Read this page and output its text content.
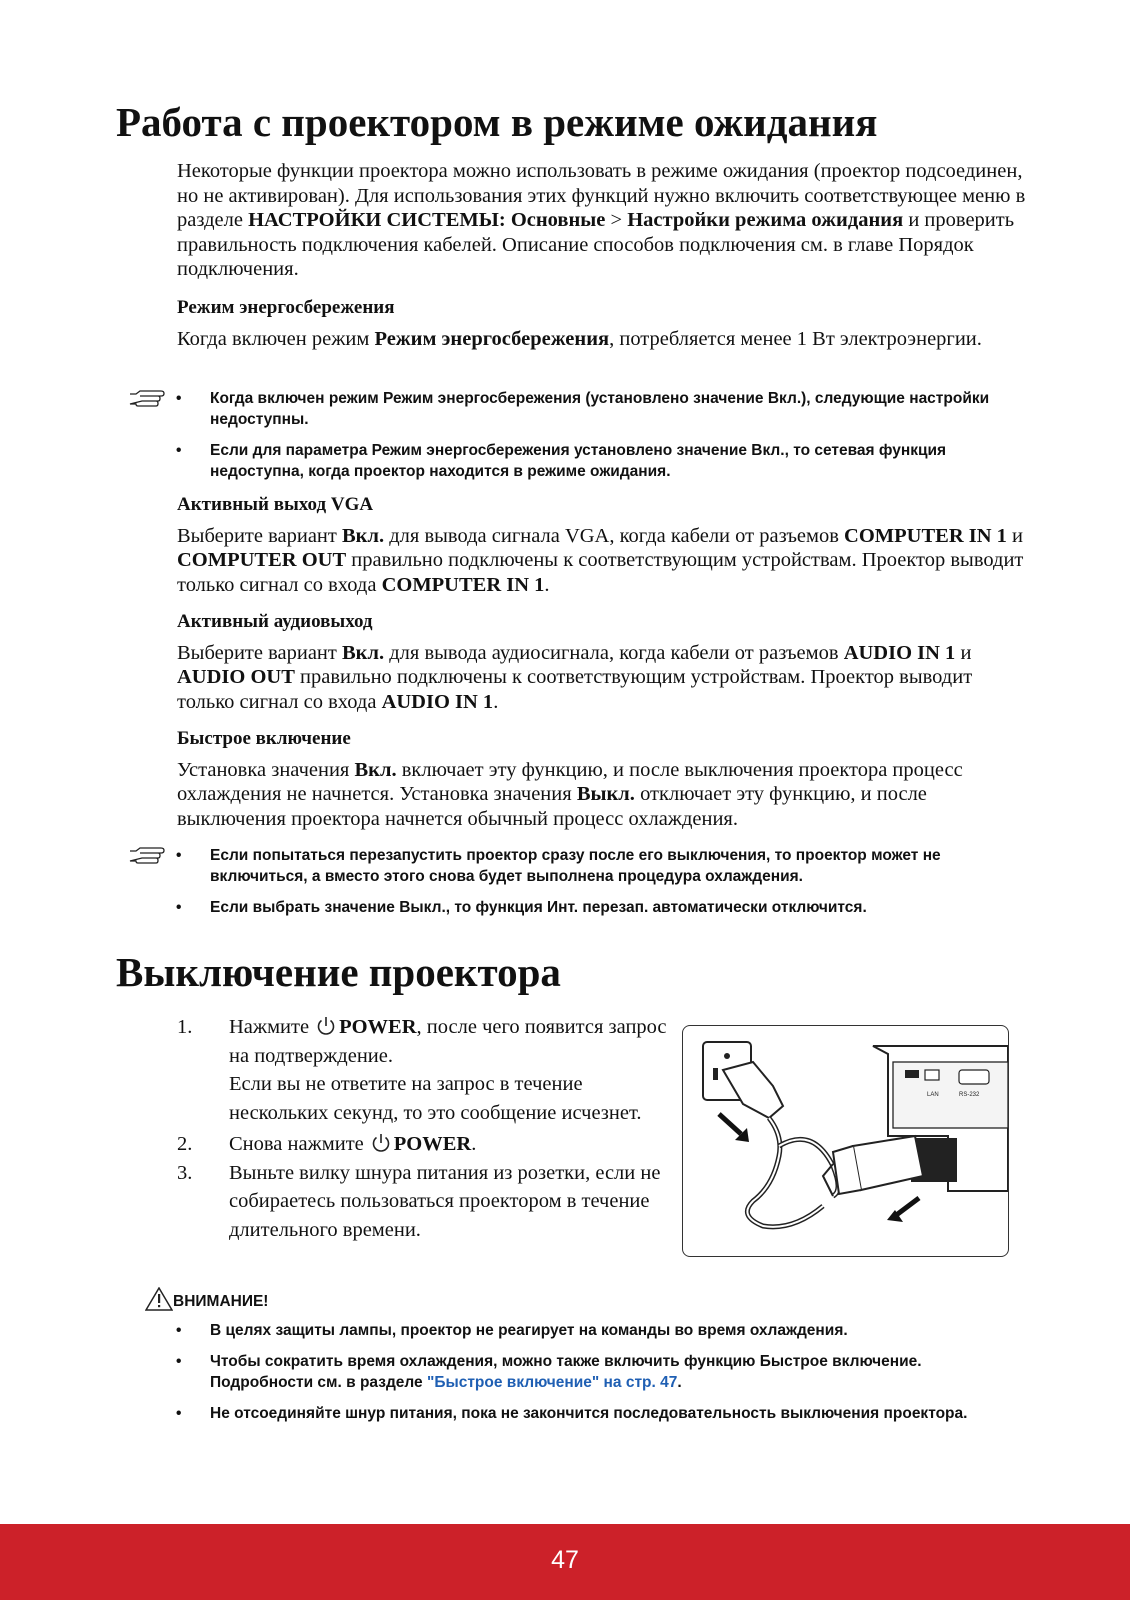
Работа с проектором в режиме ожидания

Некоторые функции проектора можно использовать в режиме ожидания (проектор подсоединен, но не активирован). Для использования этих функций нужно включить соответствующее меню в разделе НАСТРОЙКИ СИСТЕМЫ: Основные > Настройки режима ожидания и проверить правильность подключения кабелей. Описание способов подключения см. в главе Порядок подключения.

Режим энергосбережения

Когда включен режим Режим энергосбережения, потребляется менее 1 Вт электроэнергии.

• Когда включен режим Режим энергосбережения (установлено значение Вкл.), следующие настройки недоступны.
• Если для параметра Режим энергосбережения установлено значение Вкл., то сетевая функция недоступна, когда проектор находится в режиме ожидания.

Активный выход VGA

Выберите вариант Вкл. для вывода сигнала VGA, когда кабели от разъемов COMPUTER IN 1 и COMPUTER OUT правильно подключены к соответствующим устройствам. Проектор выводит только сигнал со входа COMPUTER IN 1.

Активный аудиовыход

Выберите вариант Вкл. для вывода аудиосигнала, когда кабели от разъемов AUDIO IN 1 и AUDIO OUT правильно подключены к соответствующим устройствам. Проектор выводит только сигнал со входа AUDIO IN 1.

Быстрое включение

Установка значения Вкл. включает эту функцию, и после выключения проектора процесс охлаждения не начнется. Установка значения Выкл. отключает эту функцию, и после выключения проектора начнется обычный процесс охлаждения.

• Если попытаться перезапустить проектор сразу после его выключения, то проектор может не включиться, а вместо этого снова будет выполнена процедура охлаждения.
• Если выбрать значение Выкл., то функция Инт. перезап. автоматически отключится.
Выключение проектора
1. Нажмите POWER, после чего появится запрос на подтверждение.
Если вы не ответите на запрос в течение нескольких секунд, то это сообщение исчезнет.
2. Снова нажмите POWER.
3. Выньте вилку шнура питания из розетки, если не собираетесь пользоваться проектором в течение длительного времени.
LAN	RS-232
ВНИМАНИЕ!
• В целях защиты лампы, проектор не реагирует на команды во время охлаждения.
• Чтобы сократить время охлаждения, можно также включить функцию Быстрое включение. Подробности см. в разделе "Быстрое включение" на стр. 47.
• Не отсоединяйте шнур питания, пока не закончится последовательность выключения проектора.
47
